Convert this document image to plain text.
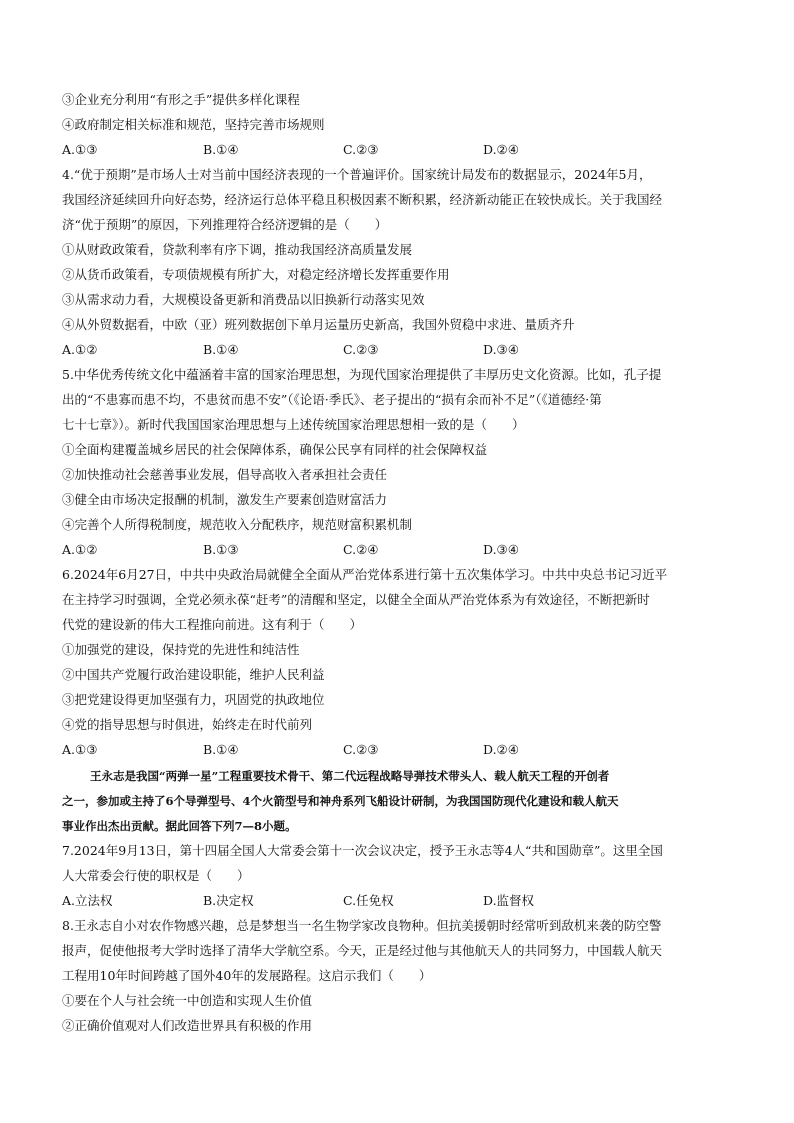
③企业充分利用“有形之手”提供多样化课程
④政府制定相关标准和规范，坚持完善市场规则
A.①③	B.①④	C.②③	D.②④
4.“优于预期”是市场人士对当前中国经济表现的一个普遍评价。国家统计局发布的数据显示，2024年5月，
我国经济延续回升向好态势，经济运行总体平稳且积极因素不断积累，经济新动能正在较快成长。关于我国经
济“优于预期”的原因，下列推理符合经济逻辑的是（　　）
①从财政政策看，贷款利率有序下调，推动我国经济高质量发展
②从货币政策看，专项债规模有所扩大，对稳定经济增长发挥重要作用
③从需求动力看，大规模设备更新和消费品以旧换新行动落实见效
④从外贸数据看，中欧（亚）班列数据创下单月运量历史新高，我国外贸稳中求进、量质齐升
A.①②	B.①④	C.②③	D.③④
5.中华优秀传统文化中蕴涵着丰富的国家治理思想，为现代国家治理提供了丰厚历史文化资源。比如，孔子提
出的“不患寡而患不均，不患贫而患不安”（《论语·季氏》、老子提出的“损有余而补不足”（《道德经·第
七十七章》）。新时代我国国家治理思想与上述传统国家治理思想相一致的是（　　）
①全面构建覆盖城乡居民的社会保障体系，确保公民享有同样的社会保障权益
②加快推动社会慈善事业发展，倡导高收入者承担社会责任
③健全由市场决定报酬的机制，激发生产要素创造财富活力
④完善个人所得税制度，规范收入分配秩序，规范财富积累机制
A.①②	B.①③	C.②④	D.③④
6.2024年6月27日，中共中央政治局就健全全面从严治党体系进行第十五次集体学习。中共中央总书记习近平
在主持学习时强调，全党必须永葆“赶考”的清醒和坚定，以健全全面从严治党体系为有效途径，不断把新时
代党的建设新的伟大工程推向前进。这有利于（　　）
①加强党的建设，保持党的先进性和纯洁性
②中国共产党履行政治建设职能，维护人民利益
③把党建设得更加坚强有力，巩固党的执政地位
④党的指导思想与时俱进，始终走在时代前列
A.①③	B.①④	C.②③	D.②④
王永志是我国“两弹一星”工程重要技术骨干、第二代远程战略导弹技术带头人、载人航天工程的开创者
之一，参加或主持了6个导弹型号、4个火箭型号和神舟系列飞船设计研制，为我国国防现代化建设和载人航天
事业作出杰出贡献。据此回答下列7—8小题。
7.2024年9月13日，第十四届全国人大常委会第十一次会议决定，授予王永志等4人“共和国勋章”。这里全国
人大常委会行使的职权是（　　）
A.立法权	B.决定权	C.任免权	D.监督权
8.王永志自小对农作物感兴趣，总是梦想当一名生物学家改良物种。但抗美援朝时经常听到敌机来袭的防空警
报声，促使他报考大学时选择了清华大学航空系。今天，正是经过他与其他航天人的共同努力，中国载人航天
工程用10年时间跨越了国外40年的发展路程。这启示我们（　　）
①要在个人与社会统一中创造和实现人生价值
②正确价值观对人们改造世界具有积极的作用
